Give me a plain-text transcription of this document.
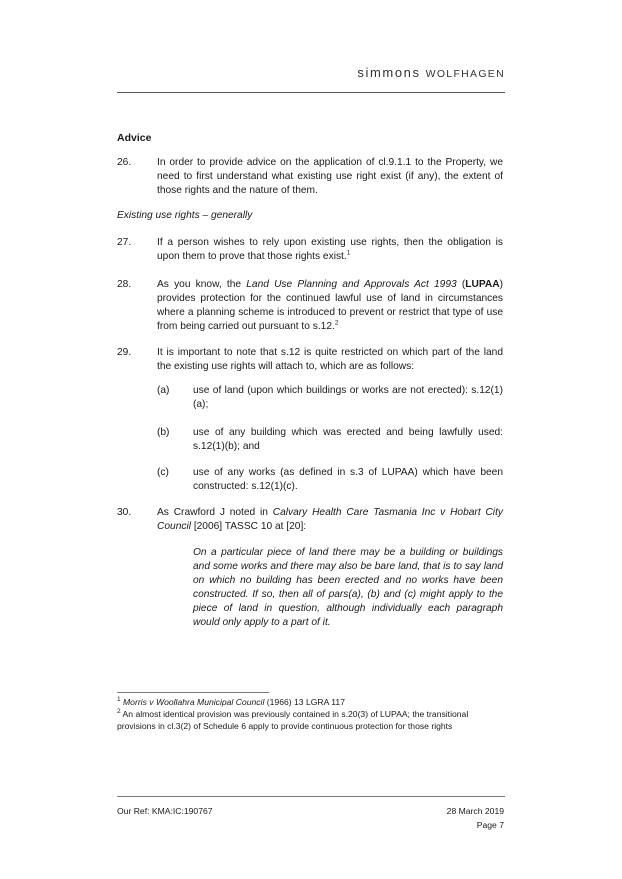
simmons WOLFHAGEN
Advice
26.	In order to provide advice on the application of cl.9.1.1 to the Property, we need to first understand what existing use right exist (if any), the extent of those rights and the nature of them.
Existing use rights – generally
27.	If a person wishes to rely upon existing use rights, then the obligation is upon them to prove that those rights exist.$^1$
28.	As you know, the Land Use Planning and Approvals Act 1993 (LUPAA) provides protection for the continued lawful use of land in circumstances where a planning scheme is introduced to prevent or restrict that type of use from being carried out pursuant to s.12.$^2$
29.	It is important to note that s.12 is quite restricted on which part of the land the existing use rights will attach to, which are as follows:
(a) use of land (upon which buildings or works are not erected): s.12(1)(a);
(b) use of any building which was erected and being lawfully used: s.12(1)(b); and
(c) use of any works (as defined in s.3 of LUPAA) which have been constructed: s.12(1)(c).
30.	As Crawford J noted in Calvary Health Care Tasmania Inc v Hobart City Council [2006] TASSC 10 at [20]:
On a particular piece of land there may be a building or buildings and some works and there may also be bare land, that is to say land on which no building has been erected and no works have been constructed. If so, then all of pars(a), (b) and (c) might apply to the piece of land in question, although individually each paragraph would only apply to a part of it.
$^1$ Morris v Woollahra Municipal Council (1966) 13 LGRA 117
$^2$ An almost identical provision was previously contained in s.20(3) of LUPAA; the transitional provisions in cl.3(2) of Schedule 6 apply to provide continuous protection for those rights
Our Ref: KMA:IC:190767	28 March 2019
Page 7
